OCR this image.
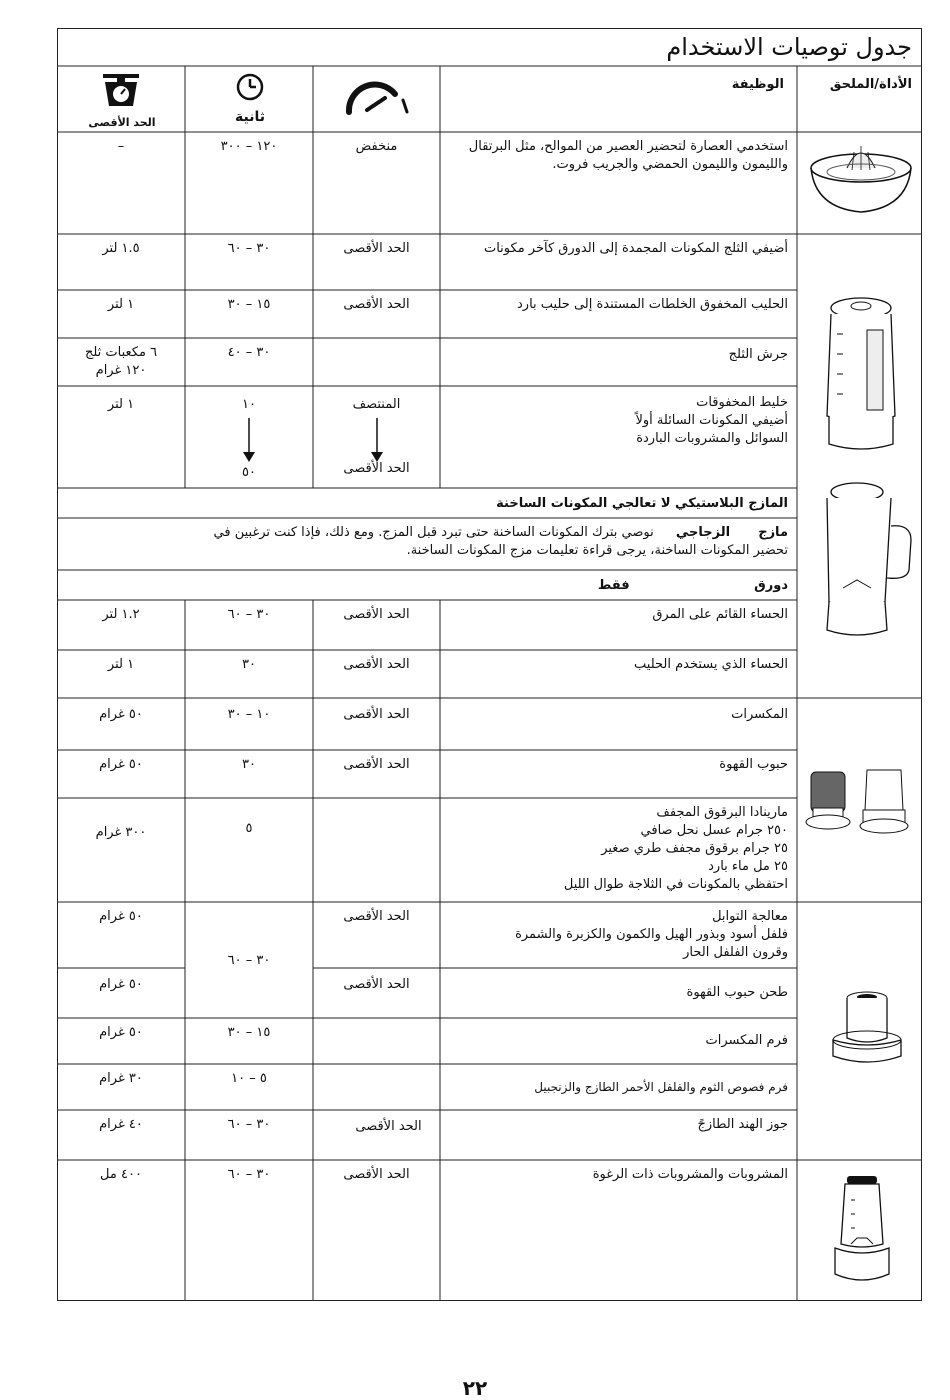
جدول توصيات الاستخدام
الأداة/الملحق
الوظيفة
ثانية
الحد الأقصى
استخدمي العصارة لتحضير العصير من الموالح، مثل البرتقال والليمون والليمون الحمضي والجريب فروت.
منخفض
١٢٠ – ٣٠٠
–
أضيفي الثلج المكونات المجمدة إلى الدورق كآخر مكونات
الحد الأقصى
٣٠ – ٦٠
١.٥ لتر
الحليب المخفوق الخلطات المستندة إلى حليب بارد
الحد الأقصى
١٥ – ٣٠
١ لتر
جرش الثلج
٣٠ – ٤٠
٦ مكعبات ثلج
١٢٠ غرام
خليط المخفوقات
أضيفي المكونات السائلة أولاً
السوائل والمشروبات الباردة
المنتصف
الحد الأقصى
١٠
٥٠
١ لتر
المازج البلاستيكي لا تعالجي المكونات الساخنة
مازج الزجاجي نوصي بترك المكونات الساخنة حتى تبرد قبل المزج. ومع ذلك، فإذا كنت ترغبين في تحضير المكونات الساخنة، يرجى قراءة تعليمات مزج المكونات الساخنة.
دورق فقط
الحساء القائم على المرق
الحد الأقصى
٣٠ – ٦٠
١.٢ لتر
الحساء الذي يستخدم الحليب
الحد الأقصى
٣٠
١ لتر
المكسرات
الحد الأقصى
١٠ – ٣٠
٥٠ غرام
حبوب القهوة
الحد الأقصى
٣٠
٥٠ غرام
مارينادا البرقوق المجفف
٢٥٠ جرام عسل نحل صافي
٢٥ جرام برقوق مجفف طري صغير
٢٥ مل ماء بارد
احتفظي بالمكونات في الثلاجة طوال الليل
٥
٣٠٠ غرام
معالجة التوابل
فلفل أسود وبذور الهيل والكمون والكزبرة والشمرة
وقرون الفلفل الحار
الحد الأقصى
٣٠ – ٦٠
٥٠ غرام
طحن حبوب القهوة
الحد الأقصى
٥٠ غرام
فرم المكسرات
١٥ – ٣٠
٥٠ غرام
فرم فصوص الثوم والفلفل الأحمر الطازج والزنجبيل
٥ – ١٠
٣٠ غرام
جوز الهند الطازجً
الحد الأقصى
٣٠ – ٦٠
٤٠ غرام
المشروبات والمشروبات ذات الرغوة
الحد الأقصى
٣٠ – ٦٠
٤٠٠ مل
٢٢
